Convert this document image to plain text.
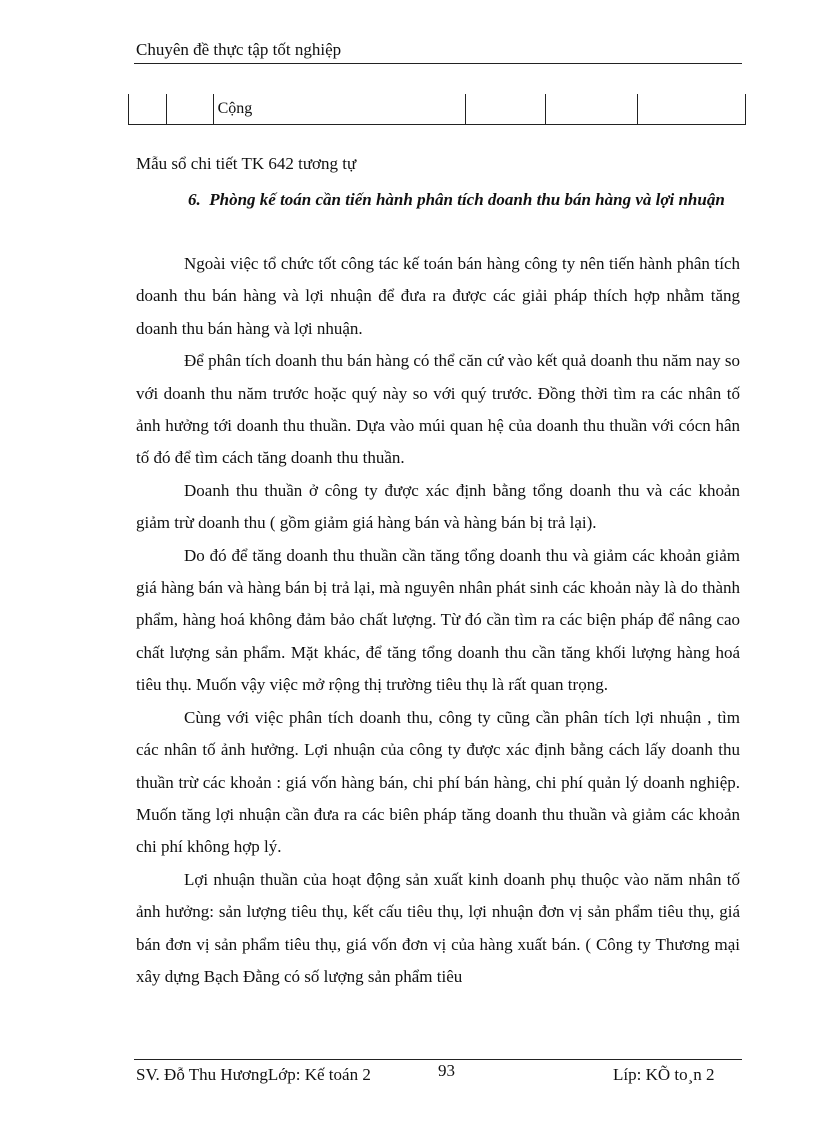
Chuyên đề thực tập tốt nghiệp
		Cộng			
Mẫu sổ chi tiết TK 642 tương tự
6. Phòng kế toán cần tiến hành phân tích doanh thu bán hàng và lợi nhuận

Ngoài việc tổ chức tốt công tác kế toán bán hàng công ty nên tiến hành phân tích doanh thu bán hàng và lợi nhuận để đưa ra được các giải pháp thích hợp nhằm tăng doanh thu bán hàng và lợi nhuận.

Để phân tích doanh thu bán hàng có thể căn cứ vào kết quả doanh thu năm nay so với doanh thu năm trước hoặc quý này so với quý trước. Đồng thời tìm ra các nhân tố ảnh hưởng tới doanh thu thuần. Dựa vào múi quan hệ của doanh thu thuần với cócn hân tố đó để tìm cách tăng doanh thu thuần.

Doanh thu thuần ở công ty được xác định bằng tổng doanh thu và các khoản giảm trừ doanh thu ( gồm giảm giá hàng bán và hàng bán bị trả lại).

Do đó để tăng doanh thu thuần cần tăng tổng doanh thu và giảm các khoản giảm giá hàng bán và hàng bán bị trả lại, mà nguyên nhân phát sinh các khoản này là do thành phẩm, hàng hoá không đảm bảo chất lượng. Từ đó cần tìm ra các biện pháp để nâng cao chất lượng sản phẩm. Mặt khác, để tăng tổng doanh thu cần tăng khối lượng hàng hoá tiêu thụ. Muốn vậy việc mở rộng thị trường tiêu thụ là rất quan trọng.

Cùng với việc phân tích doanh thu, công ty cũng cần phân tích lợi nhuận , tìm các nhân tố ảnh hưởng. Lợi nhuận của công ty được xác định bằng cách lấy doanh thu thuần trừ các khoản : giá vốn hàng bán, chi phí bán hàng, chi phí quản lý doanh nghiệp. Muốn tăng lợi nhuận cần đưa ra các biên pháp tăng doanh thu thuần và giảm các khoản chi phí không hợp lý.

Lợi nhuận thuần của hoạt động sản xuất kinh doanh phụ thuộc vào năm nhân tố ảnh hưởng: sản lượng tiêu thụ, kết cấu tiêu thụ, lợi nhuận đơn vị sản phẩm tiêu thụ, giá bán đơn vị sản phẩm tiêu thụ, giá vốn đơn vị của hàng xuất bán. ( Công ty Thương mại xây dựng Bạch Đằng có số lượng sản phẩm tiêu

SV. Đỗ Thu HươngLớp: Kế toán 2	93	Líp: KÕ to¸n 2
